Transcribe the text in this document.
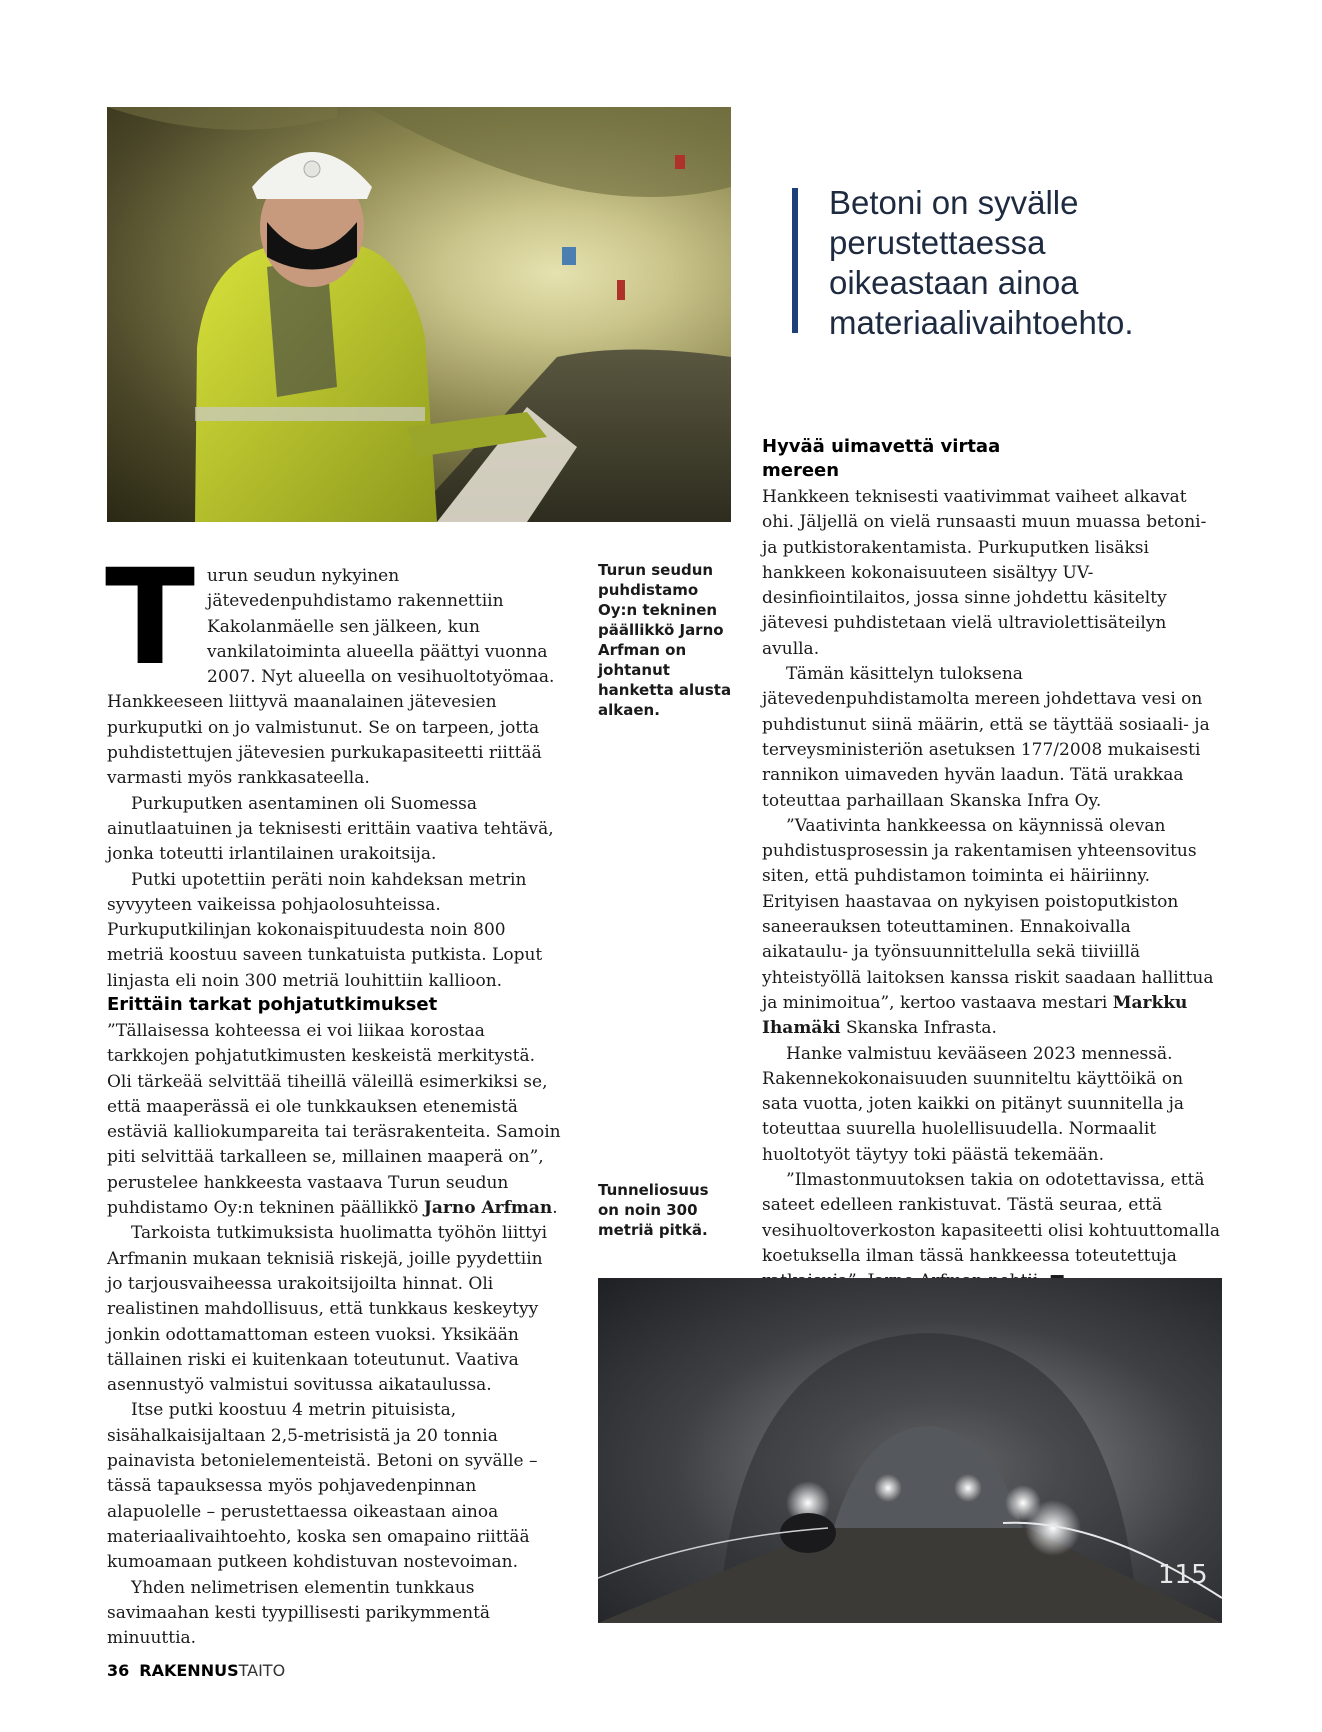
Betoni on syvälle perustettaessa oikeastaan ainoa materiaalivaihtoehto.

Turun seudun puhdistamo Oy:n tekninen päällikkö Jarno Arfman on johtanut hanketta alusta alkaen.

T urun seudun nykyinen jätevedenpuhdistamo rakennettiin Kakolanmäelle sen jälkeen, kun vankilatoiminta alueella päättyi vuonna 2007. Nyt alueella on vesihuoltotyömaa. Hankkeeseen liittyvä maanalainen jätevesien purkuputki on jo valmistunut. Se on tarpeen, jotta puhdistettujen jätevesien purkukapasiteetti riittää varmasti myös rankkasateella.

Purkuputken asentaminen oli Suomessa ainutlaatuinen ja teknisesti erittäin vaativa tehtävä, jonka toteutti irlantilainen urakoitsija.

Putki upotettiin peräti noin kahdeksan metrin syvyyteen vaikeissa pohjaolosuhteissa. Purkuputkilinjan kokonaispituudesta noin 800 metriä koostuu saveen tunkatuista putkista. Loput linjasta eli noin 300 metriä louhittiin kallioon.

Erittäin tarkat pohjatutkimukset

”Tällaisessa kohteessa ei voi liikaa korostaa tarkkojen pohjatutkimusten keskeistä merkitystä. Oli tärkeää selvittää tiheillä väleillä esimerkiksi se, että maaperässä ei ole tunkkauksen etenemistä estäviä kalliokumpareita tai teräsrakenteita. Samoin piti selvittää tarkalleen se, millainen maaperä on”, perustelee hankkeesta vastaava Turun seudun puhdistamo Oy:n tekninen päällikkö Jarno Arfman.

Tarkoista tutkimuksista huolimatta työhön liittyi Arfmanin mukaan teknisiä riskejä, joille pyydettiin jo tarjousvaiheessa urakoitsijoilta hinnat. Oli realistinen mahdollisuus, että tunkkaus keskeytyy jonkin odottamattoman esteen vuoksi. Yksikään tällainen riski ei kuitenkaan toteutunut. Vaativa asennustyö valmistui sovitussa aikataulussa.

Itse putki koostuu 4 metrin pituisista, sisähalkaisijaltaan 2,5-metrisistä ja 20 tonnia painavista betonielementeistä. Betoni on syvälle – tässä tapauksessa myös pohjavedenpinnan alapuolelle – perustettaessa oikeastaan ainoa materiaalivaihtoehto, koska sen omapaino riittää kumoamaan putkeen kohdistuvan nostevoiman.

Yhden nelimetrisen elementin tunkkaus savimaahan kesti tyypillisesti parikymmentä minuuttia.

Tunneliosuus on noin 300 metriä pitkä.

Hyvää uimavettä virtaa mereen

Hankkeen teknisesti vaativimmat vaiheet alkavat ohi. Jäljellä on vielä runsaasti muun muassa betoni- ja putkistorakentamista. Purkuputken lisäksi hankkeen kokonaisuuteen sisältyy UV-desinfiointilaitos, jossa sinne johdettu käsitelty jätevesi puhdistetaan vielä ultraviolettisäteilyn avulla.

Tämän käsittelyn tuloksena jätevedenpuhdistamolta mereen johdettava vesi on puhdistunut siinä määrin, että se täyttää sosiaali- ja terveysministeriön asetuksen 177/2008 mukaisesti rannikon uimaveden hyvän laadun. Tätä urakkaa toteuttaa parhaillaan Skanska Infra Oy.

”Vaativinta hankkeessa on käynnissä olevan puhdistusprosessin ja rakentamisen yhteensovitus siten, että puhdistamon toiminta ei häiriinny. Erityisen haastavaa on nykyisen poistoputkiston saneerauksen toteuttaminen. Ennakoivalla aikataulu- ja työnsuunnittelulla sekä tiiviillä yhteistyöllä laitoksen kanssa riskit saadaan hallittua ja minimoitua”, kertoo vastaava mestari Markku Ihamäki Skanska Infrasta.

Hanke valmistuu kevääseen 2023 mennessä. Rakennekokonaisuuden suunniteltu käyttöikä on sata vuotta, joten kaikki on pitänyt suunnitella ja toteuttaa suurella huolellisuudella. Normaalit huoltotyöt täytyy toki päästä tekemään.

”Ilmastonmuutoksen takia on odotettavissa, että sateet edelleen rankistuvat. Tästä seuraa, että vesihuoltoverkoston kapasiteetti olisi kohtuuttomalla koetuksella ilman tässä hankkeessa toteutettuja

115
36 RAKENNUSTAITO
